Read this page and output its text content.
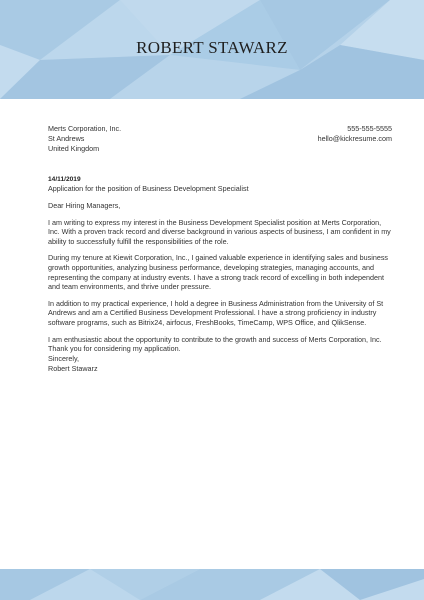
ROBERT STAWARZ
Merts Corporation, Inc.
St Andrews
United Kingdom
555-555-5555
hello@kickresume.com
14/11/2019
Application for the position of Business Development Specialist

Dear Hiring Managers,

I am writing to express my interest in the Business Development Specialist position at Merts Corporation, Inc. With a proven track record and diverse background in various aspects of business, I am confident in my ability to successfully fulfill the responsibilities of the role.

During my tenure at Kiewit Corporation, Inc., I gained valuable experience in identifying sales and business growth opportunities, analyzing business performance, developing strategies, managing accounts, and representing the company at industry events. I have a strong track record of excelling in both independent and team environments, and thrive under pressure.

In addition to my practical experience, I hold a degree in Business Administration from the University of St Andrews and am a Certified Business Development Professional. I have a strong proficiency in industry software programs, such as Bitrix24, airfocus, FreshBooks, TimeCamp, WPS Office, and QlikSense.

I am enthusiastic about the opportunity to contribute to the growth and success of Merts Corporation, Inc. Thank you for considering my application.

Sincerely,
Robert Stawarz
